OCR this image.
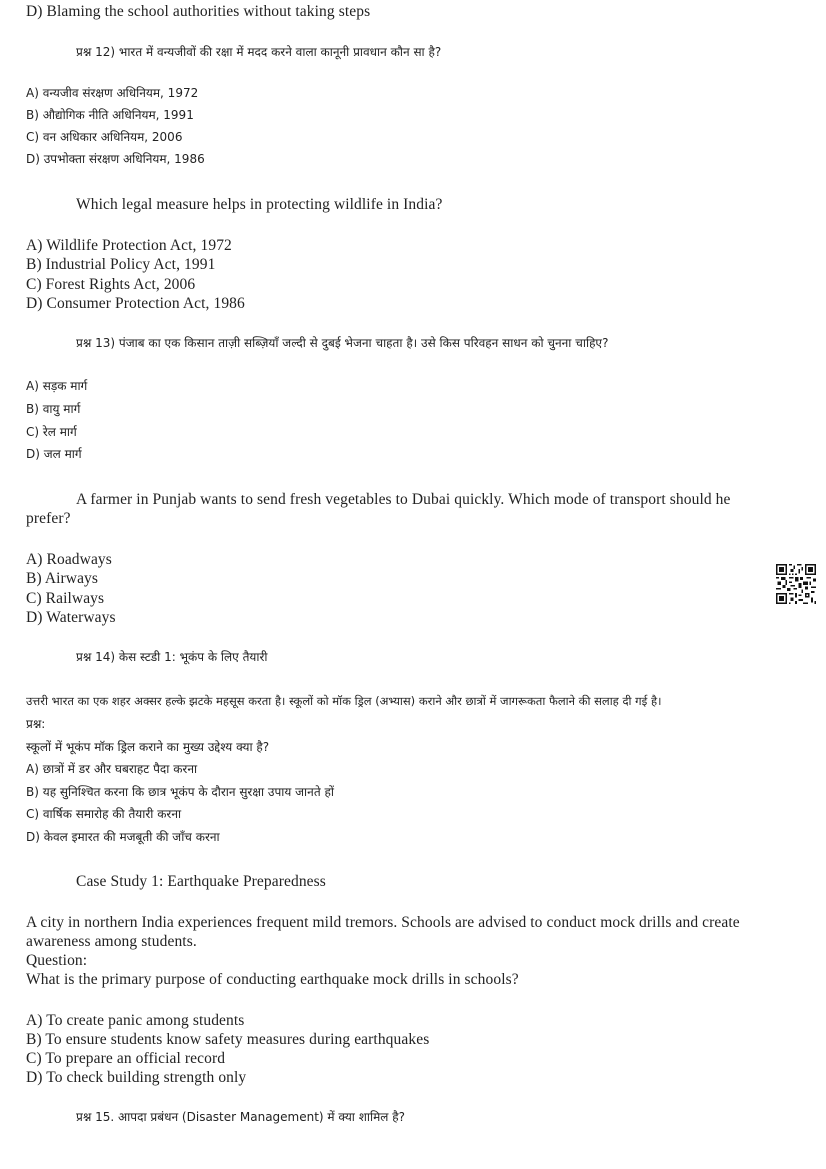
D) Blaming the school authorities without taking steps
प्रश्न 12) भारत में वन्यजीवों की रक्षा में मदद करने वाला कानूनी प्रावधान कौन सा है?
A) वन्यजीव संरक्षण अधिनियम, 1972
B) औद्योगिक नीति अधिनियम, 1991
C) वन अधिकार अधिनियम, 2006
D) उपभोक्ता संरक्षण अधिनियम, 1986
Which legal measure helps in protecting wildlife in India?
A) Wildlife Protection Act, 1972
B) Industrial Policy Act, 1991
C) Forest Rights Act, 2006
D) Consumer Protection Act, 1986
प्रश्न 13) पंजाब का एक किसान ताज़ी सब्ज़ियाँ जल्दी से दुबई भेजना चाहता है। उसे किस परिवहन साधन को चुनना चाहिए?
A) सड़क मार्ग
B) वायु मार्ग
C) रेल मार्ग
D) जल मार्ग
A farmer in Punjab wants to send fresh vegetables to Dubai quickly. Which mode of transport should he
prefer?
A) Roadways
B) Airways
C) Railways
D) Waterways
प्रश्न 14) केस स्टडी 1: भूकंप के लिए तैयारी
उत्तरी भारत का एक शहर अक्सर हल्के झटके महसूस करता है। स्कूलों को मॉक ड्रिल (अभ्यास) कराने और छात्रों में जागरूकता फैलाने की सलाह दी गई है।
प्रश्न:
स्कूलों में भूकंप मॉक ड्रिल कराने का मुख्य उद्देश्य क्या है?
A) छात्रों में डर और घबराहट पैदा करना
B) यह सुनिश्चित करना कि छात्र भूकंप के दौरान सुरक्षा उपाय जानते हों
C) वार्षिक समारोह की तैयारी करना
D) केवल इमारत की मजबूती की जाँच करना
Case Study 1: Earthquake Preparedness
A city in northern India experiences frequent mild tremors. Schools are advised to conduct mock drills and create
awareness among students.
Question:
What is the primary purpose of conducting earthquake mock drills in schools?
A) To create panic among students
B) To ensure students know safety measures during earthquakes
C) To prepare an official record
D) To check building strength only
प्रश्न 15. आपदा प्रबंधन (Disaster Management) में क्या शामिल है?
